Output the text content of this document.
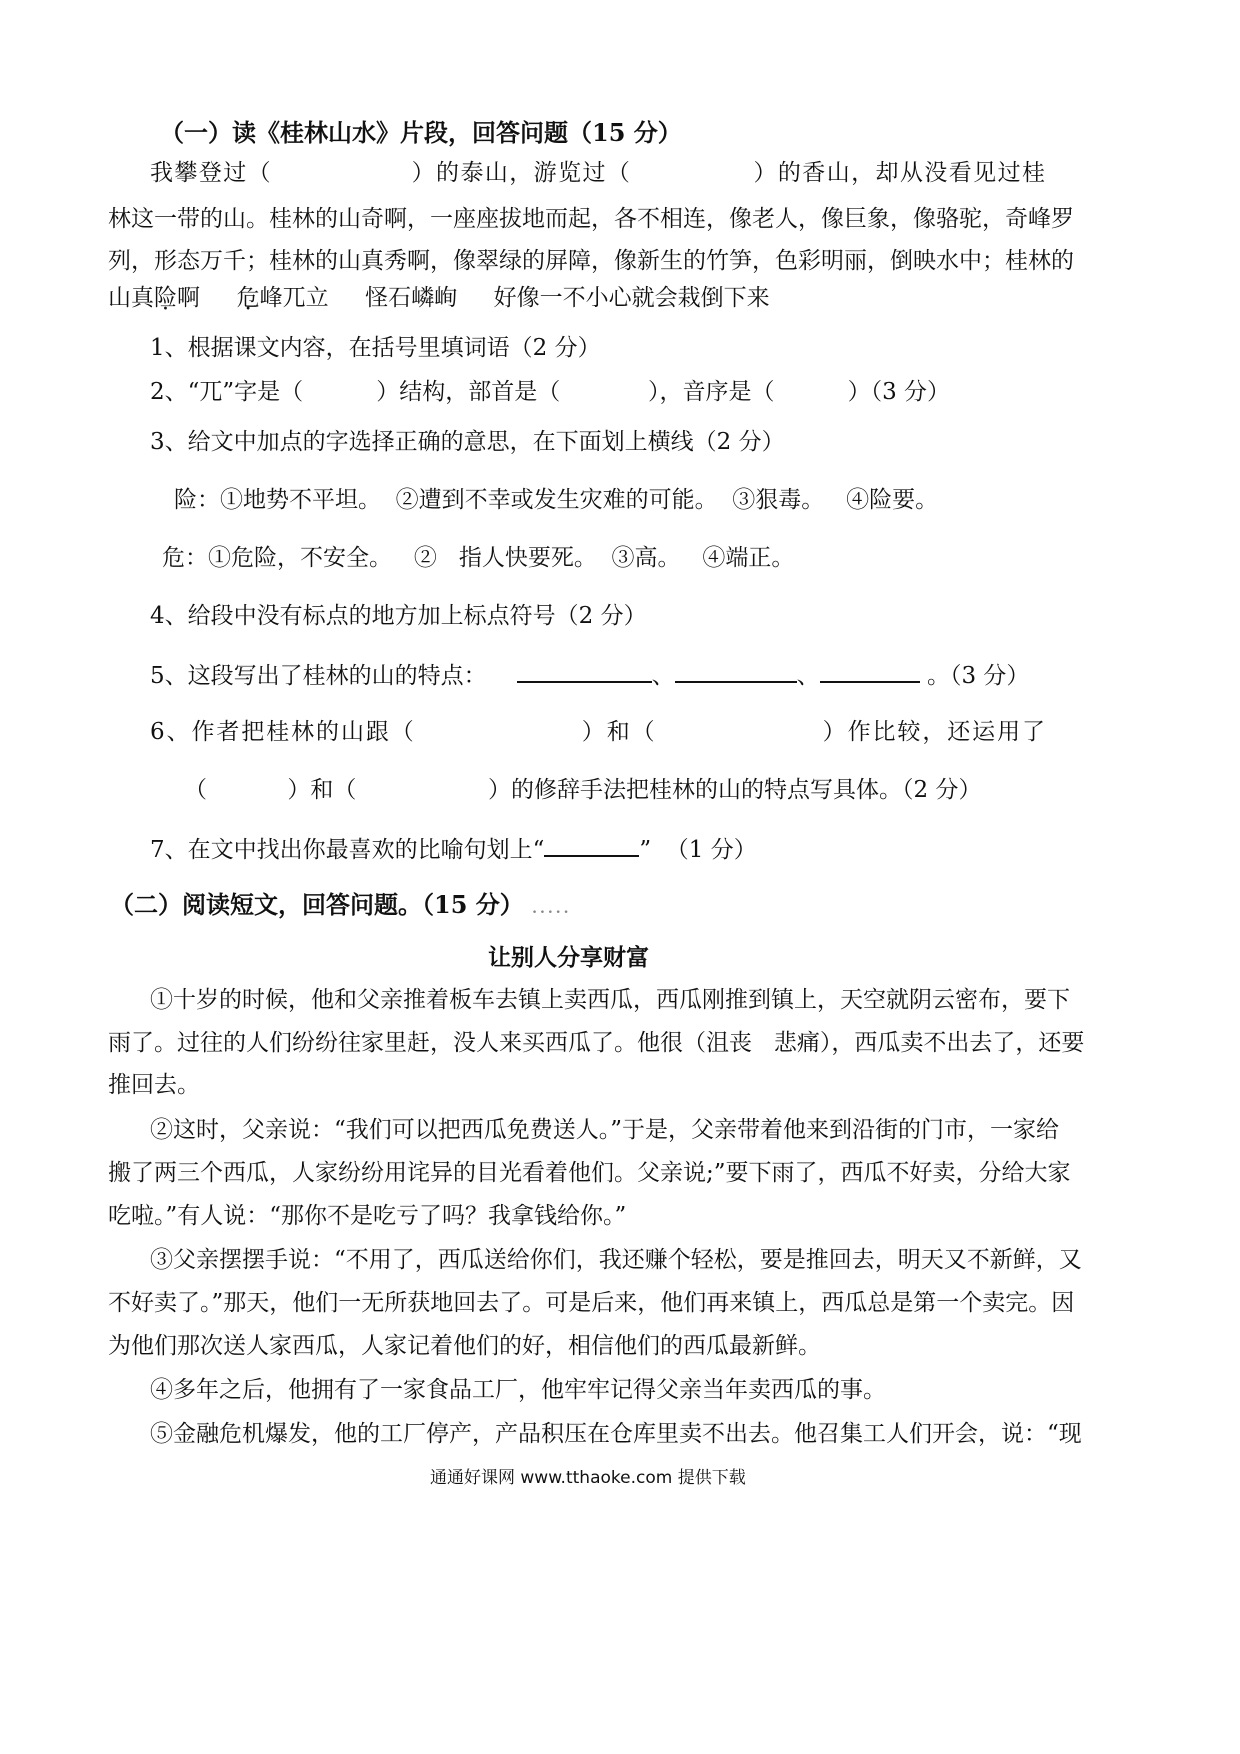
（一）读《桂林山水》片段，回答问题（15 分）
我攀登过（                ）的泰山，游览过（              ）的香山，却从没看见过桂
林这一带的山。桂林的山奇啊，一座座拔地而起，各不相连，像老人，像巨象，像骆驼，奇峰罗
列，形态万千；桂林的山真秀啊，像翠绿的屏障，像新生的竹笋，色彩明丽，倒映水中；桂林的
山真险啊     危峰兀立     怪石嶙峋     好像一不小心就会栽倒下来
1、根据课文内容，在括号里填词语（2 分）
2、“兀”字是（          ）结构，部首是（            ），音序是（          ）（3 分）
3、给文中加点的字选择正确的意思，在下面划上横线（2 分）
险：①地势不平坦。  ②遭到不幸或发生灾难的可能。  ③狠毒。   ④险要。
危：①危险，不安全。   ②   指人快要死。  ③高。   ④端正。
4、给段中没有标点的地方加上标点符号（2 分）
5、这段写出了桂林的山的特点：	、	、	。（3 分）
6、作者把桂林的山跟（                  ）和（                  ）作比较，还运用了
（           ）和（                  ）的修辞手法把桂林的山的特点写具体。（2 分）
7、在文中找出你最喜欢的比喻句划上“	”  （1 分）
（二）阅读短文，回答问题。（15 分） .....
让别人分享财富
①十岁的时候，他和父亲推着板车去镇上卖西瓜，西瓜刚推到镇上，天空就阴云密布，要下
雨了。过往的人们纷纷往家里赶，没人来买西瓜了。他很（沮丧   悲痛），西瓜卖不出去了，还要
推回去。
②这时，父亲说：“我们可以把西瓜免费送人。”于是，父亲带着他来到沿街的门市，一家给
搬了两三个西瓜，人家纷纷用诧异的目光看着他们。父亲说;”要下雨了，西瓜不好卖，分给大家
吃啦。”有人说：“那你不是吃亏了吗？我拿钱给你。”
③父亲摆摆手说：“不用了，西瓜送给你们，我还赚个轻松，要是推回去，明天又不新鲜，又
不好卖了。”那天，他们一无所获地回去了。可是后来，他们再来镇上，西瓜总是第一个卖完。因
为他们那次送人家西瓜，人家记着他们的好，相信他们的西瓜最新鲜。
④多年之后，他拥有了一家食品工厂，他牢牢记得父亲当年卖西瓜的事。
⑤金融危机爆发，他的工厂停产，产品积压在仓库里卖不出去。他召集工人们开会，说：“现
通通好课网 www.tthaoke.com 提供下载
